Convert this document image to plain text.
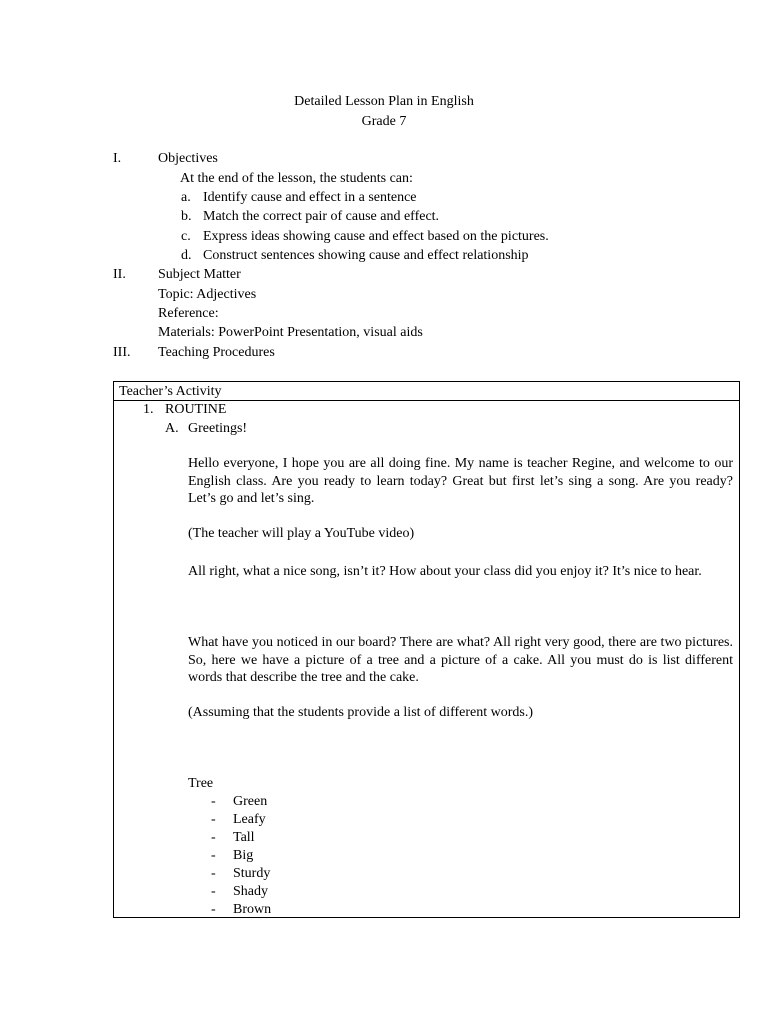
Detailed Lesson Plan in English
Grade 7
I.	Objectives
At the end of the lesson, the students can:
a. Identify cause and effect in a sentence
b. Match the correct pair of cause and effect.
c. Express ideas showing cause and effect based on the pictures.
d. Construct sentences showing cause and effect relationship
II. Subject Matter
Topic: Adjectives
Reference:
Materials: PowerPoint Presentation, visual aids
III. Teaching Procedures
Teacher’s Activity
1. ROUTINE
A. Greetings!
Hello everyone, I hope you are all doing fine. My name is teacher Regine, and welcome to our English class. Are you ready to learn today? Great but first let’s sing a song. Are you ready? Let’s go and let’s sing.
(The teacher will play a YouTube video)
All right, what a nice song, isn’t it? How about your class did you enjoy it? It’s nice to hear.
What have you noticed in our board? There are what? All right very good, there are two pictures. So, here we have a picture of a tree and a picture of a cake. All you must do is list different words that describe the tree and the cake.
(Assuming that the students provide a list of different words.)
Tree
- Green
- Leafy
- Tall
- Big
- Sturdy
- Shady
- Brown
